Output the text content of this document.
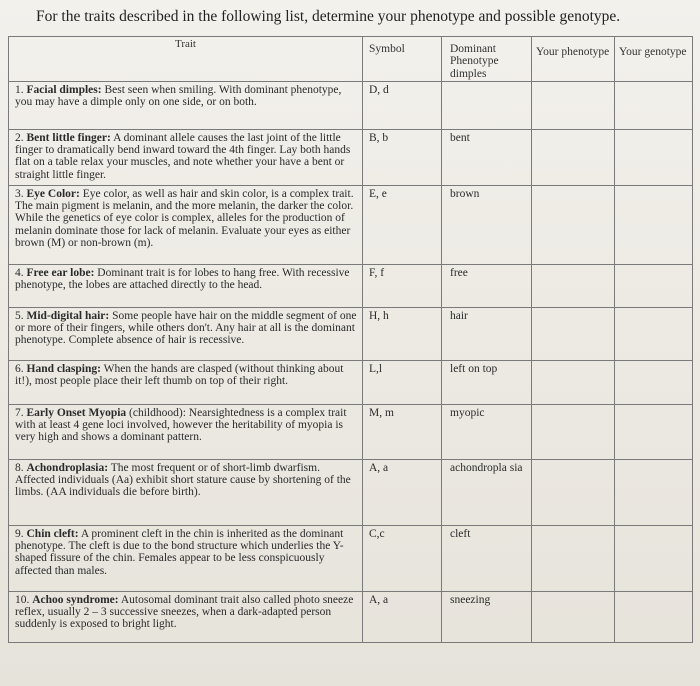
For the traits described in the following list, determine your phenotype and possible genotype.
Trait	Symbol	Dominant Phenotype dimples	Your phenotype	Your genotype
1. Facial dimples: Best seen when smiling. With dominant phenotype, you may have a dimple only on one side, or on both.	D, d			
2. Bent little finger: A dominant allele causes the last joint of the little finger to dramatically bend inward toward the 4th finger. Lay both hands flat on a table relax your muscles, and note whether your have a bent or straight little finger.	B, b	bent		
3. Eye Color: Eye color, as well as hair and skin color, is a complex trait. The main pigment is melanin, and the more melanin, the darker the color. While the genetics of eye color is complex, alleles for the production of melanin dominate those for lack of melanin. Evaluate your eyes as either brown (M) or non-brown (m).	E, e	brown		
4. Free ear lobe: Dominant trait is for lobes to hang free. With recessive phenotype, the lobes are attached directly to the head.	F, f	free		
5. Mid-digital hair: Some people have hair on the middle segment of one or more of their fingers, while others don't. Any hair at all is the dominant phenotype. Complete absence of hair is recessive.	H, h	hair		
6. Hand clasping: When the hands are clasped (without thinking about it!), most people place their left thumb on top of their right.	L,l	left on top		
7. Early Onset Myopia (childhood): Nearsightedness is a complex trait with at least 4 gene loci involved, however the heritability of myopia is very high and shows a dominant pattern.	M, m	myopic		
8. Achondroplasia: The most frequent or of short-limb dwarfism. Affected individuals (Aa) exhibit short stature cause by shortening of the limbs. (AA individuals die before birth).	A, a	achondropla sia		
9. Chin cleft: A prominent cleft in the chin is inherited as the dominant phenotype. The cleft is due to the bond structure which underlies the Y-shaped fissure of the chin. Females appear to be less conspicuously affected than males.	C,c	cleft		
10. Achoo syndrome: Autosomal dominant trait also called photo sneeze reflex, usually 2 – 3 successive sneezes, when a dark-adapted person suddenly is exposed to bright light.	A, a	sneezing		
